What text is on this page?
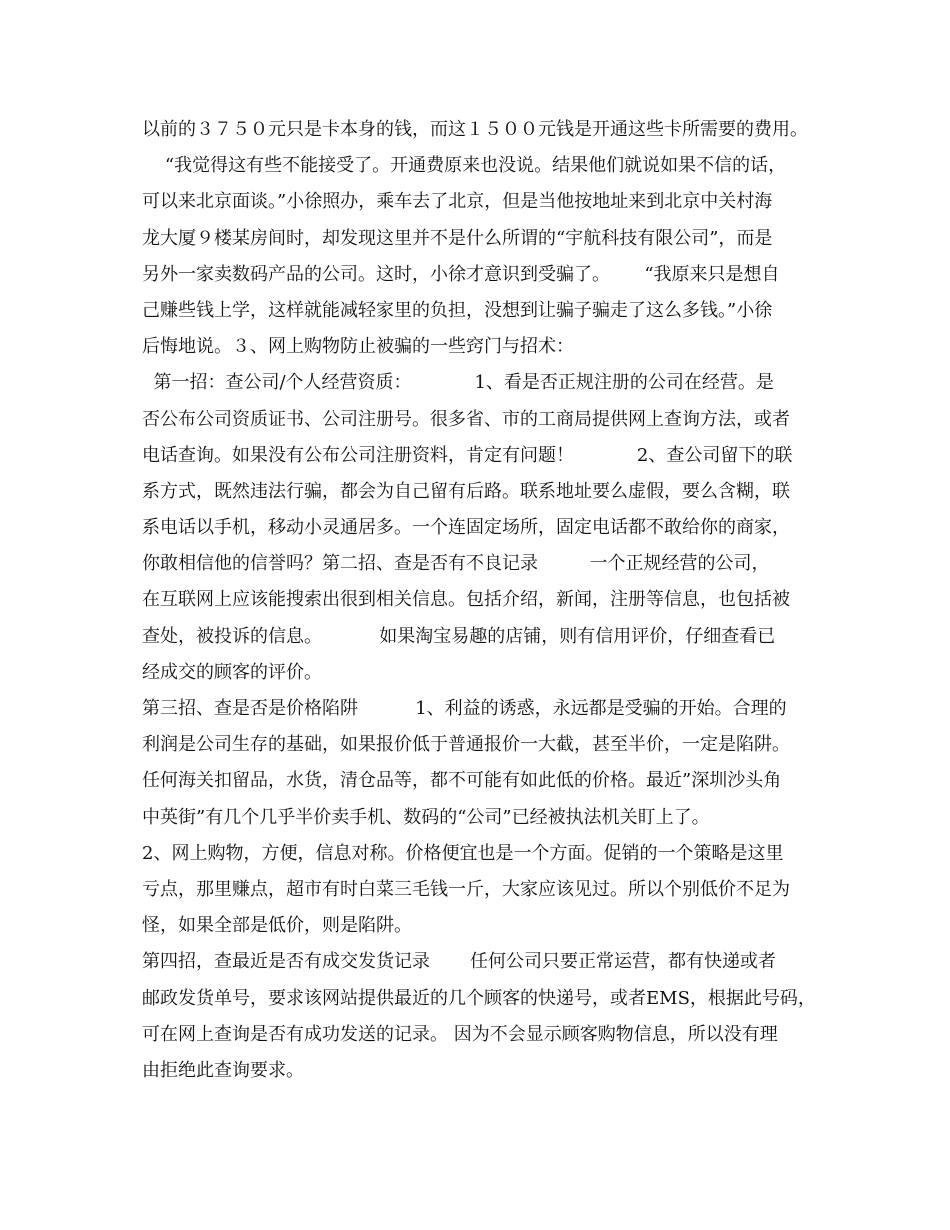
以前的３７５０元只是卡本身的钱，而这１５００元钱是开通这些卡所需要的费用。
“我觉得这有些不能接受了。开通费原来也没说。结果他们就说如果不信的话，
可以来北京面谈。”小徐照办，乘车去了北京，但是当他按地址来到北京中关村海
龙大厦９楼某房间时，却发现这里并不是什么所谓的“宇航科技有限公司”，而是
另外一家卖数码产品的公司。这时，小徐才意识到受骗了。      “我原来只是想自
己赚些钱上学，这样就能减轻家里的负担，没想到让骗子骗走了这么多钱。”小徐
后悔地说。３、网上购物防止被骗的一些窍门与招术：
第一招：查公司/个人经营资质：           1、看是否正规注册的公司在经营。是
否公布公司资质证书、公司注册号。很多省、市的工商局提供网上查询方法，或者
电话查询。如果没有公布公司注册资料，肯定有问题！           2、查公司留下的联
系方式，既然违法行骗，都会为自己留有后路。联系地址要么虚假，要么含糊，联
系电话以手机，移动小灵通居多。一个连固定场所，固定电话都不敢给你的商家，
你敢相信他的信誉吗？第二招、查是否有不良记录         一个正规经营的公司，
在互联网上应该能搜索出很到相关信息。包括介绍，新闻，注册等信息，也包括被
查处，被投诉的信息。          如果淘宝易趣的店铺，则有信用评价，仔细查看已
经成交的顾客的评价。
第三招、查是否是价格陷阱          1、利益的诱惑，永远都是受骗的开始。合理的
利润是公司生存的基础，如果报价低于普通报价一大截，甚至半价，一定是陷阱。
任何海关扣留品，水货，清仓品等，都不可能有如此低的价格。最近”深圳沙头角
中英街”有几个几乎半价卖手机、数码的“公司”已经被执法机关盯上了。
2、网上购物，方便，信息对称。价格便宜也是一个方面。促销的一个策略是这里
亏点，那里赚点，超市有时白菜三毛钱一斤，大家应该见过。所以个别低价不足为
怪，如果全部是低价，则是陷阱。
第四招，查最近是否有成交发货记录       任何公司只要正常运营，都有快递或者
邮政发货单号，要求该网站提供最近的几个顾客的快递号，或者EMS，根据此号码，
可在网上查询是否有成功发送的记录。 因为不会显示顾客购物信息，所以没有理
由拒绝此查询要求。
